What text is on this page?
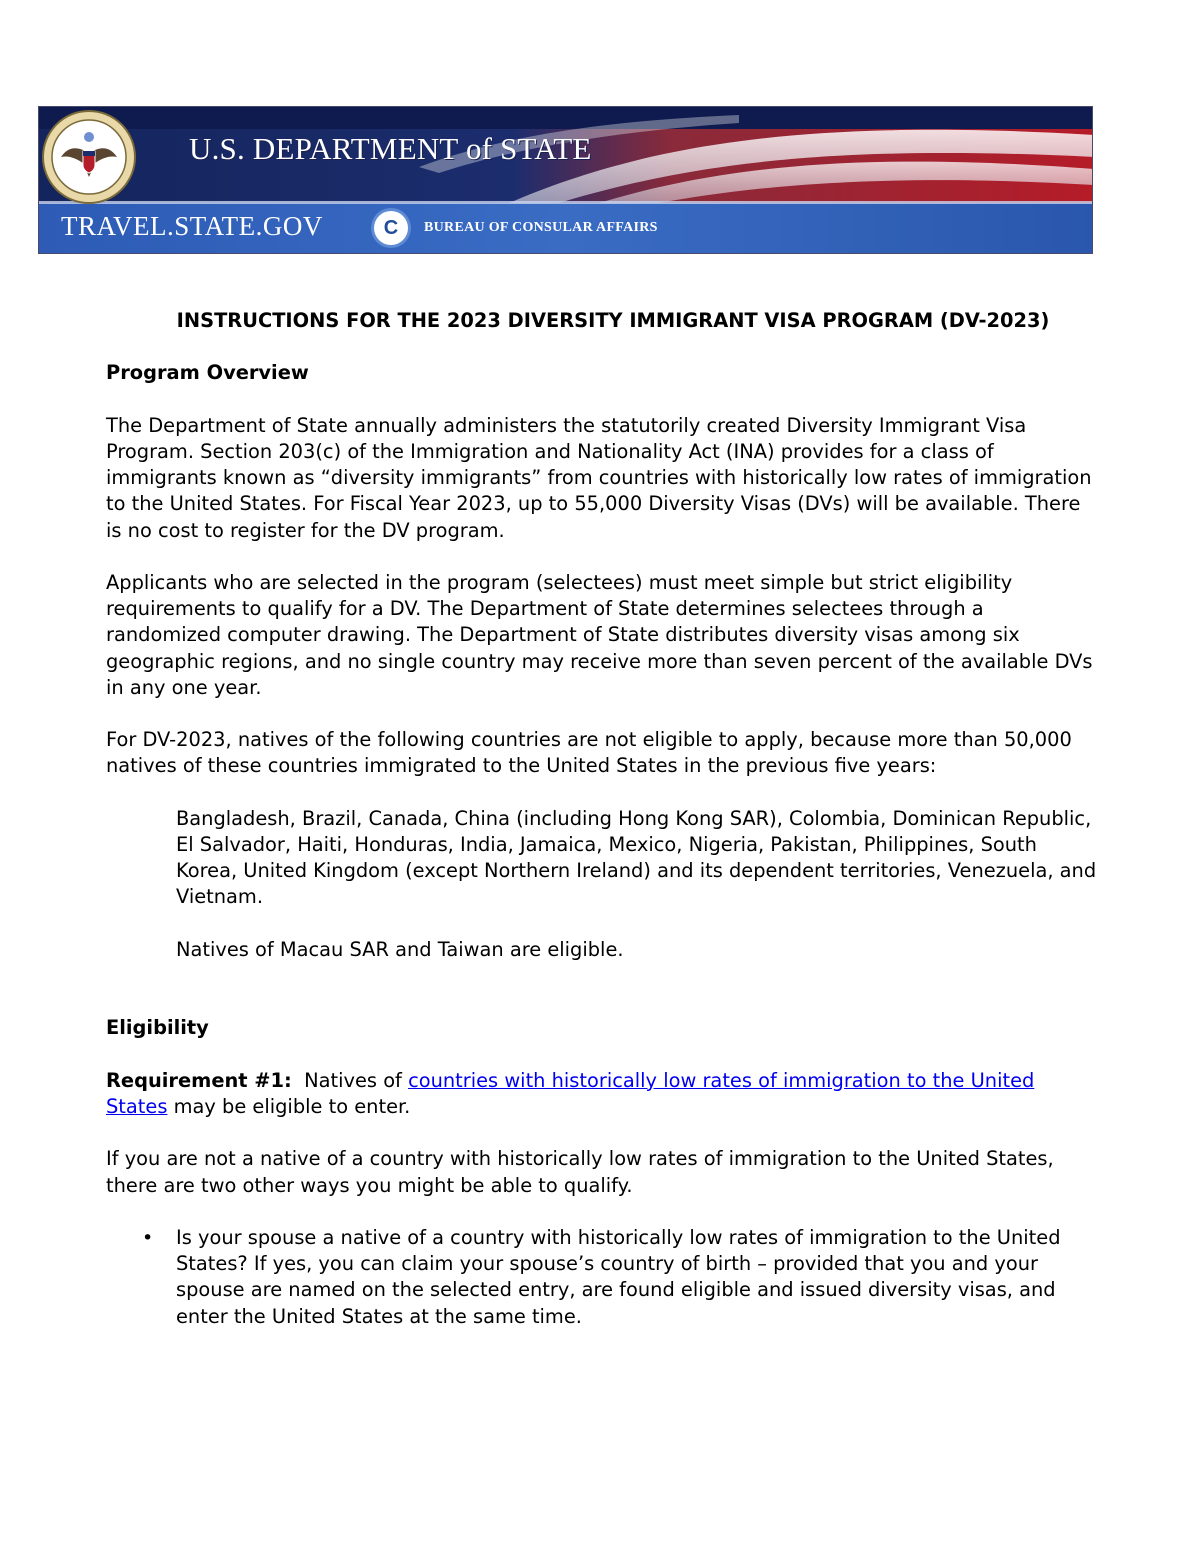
U.S. DEPARTMENT of STATE
TRAVEL.STATE.GOV	C	BUREAU OF CONSULAR AFFAIRS
INSTRUCTIONS FOR THE 2023 DIVERSITY IMMIGRANT VISA PROGRAM (DV-2023)
Program Overview

The Department of State annually administers the statutorily created Diversity Immigrant Visa Program. Section 203(c) of the Immigration and Nationality Act (INA) provides for a class of immigrants known as “diversity immigrants” from countries with historically low rates of immigration to the United States. For Fiscal Year 2023, up to 55,000 Diversity Visas (DVs) will be available. There is no cost to register for the DV program.

Applicants who are selected in the program (selectees) must meet simple but strict eligibility requirements to qualify for a DV. The Department of State determines selectees through a randomized computer drawing. The Department of State distributes diversity visas among six geographic regions, and no single country may receive more than seven percent of the available DVs in any one year.

For DV-2023, natives of the following countries are not eligible to apply, because more than 50,000 natives of these countries immigrated to the United States in the previous five years:

Bangladesh, Brazil, Canada, China (including Hong Kong SAR), Colombia, Dominican Republic, El Salvador, Haiti, Honduras, India, Jamaica, Mexico, Nigeria, Pakistan, Philippines, South Korea, United Kingdom (except Northern Ireland) and its dependent territories, Venezuela, and Vietnam.

Natives of Macau SAR and Taiwan are eligible.

Eligibility

Requirement #1: Natives of countries with historically low rates of immigration to the United States may be eligible to enter.

If you are not a native of a country with historically low rates of immigration to the United States, there are two other ways you might be able to qualify.

• Is your spouse a native of a country with historically low rates of immigration to the United States? If yes, you can claim your spouse’s country of birth – provided that you and your spouse are named on the selected entry, are found eligible and issued diversity visas, and enter the United States at the same time.
